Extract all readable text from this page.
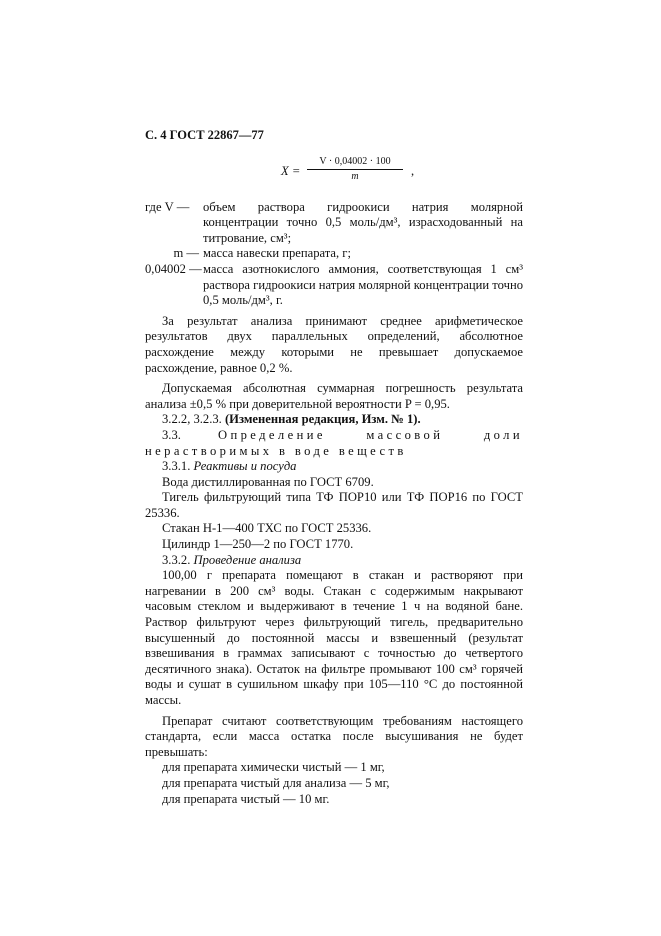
С. 4 ГОСТ 22867—77
$X = \frac{V \cdot 0,04002 \cdot 100}{m}$ ,
где V —	объем раствора гидроокиси натрия молярной концентрации точно 0,5 моль/дм³, израсходованный на титрование, см³;
m — масса навески препарата, г;
0,04002 — масса азотнокислого аммония, соответствующая 1 см³ раствора гидроокиси натрия молярной концентрации точно 0,5 моль/дм³, г.

За результат анализа принимают среднее арифметическое результатов двух параллельных определений, абсолютное расхождение между которыми не превышает допускаемое расхождение, равное 0,2 %.

Допускаемая абсолютная суммарная погрешность результата анализа ±0,5 % при доверительной вероятности P = 0,95.

3.2.2, 3.2.3. (Измененная редакция, Изм. № 1).

3.3.	Определение массовой доли нерастворимых в воде веществ

3.3.1. Реактивы и посуда

Вода дистиллированная по ГОСТ 6709.

Тигель фильтрующий типа ТФ ПОР10 или ТФ ПОР16 по ГОСТ 25336.

Стакан Н-1—400 ТХС по ГОСТ 25336.

Цилиндр 1—250—2 по ГОСТ 1770.

3.3.2. Проведение анализа

100,00 г препарата помещают в стакан и растворяют при нагревании в 200 см³ воды. Стакан с содержимым накрывают часовым стеклом и выдерживают в течение 1 ч на водяной бане. Раствор фильтруют через фильтрующий тигель, предварительно высушенный до постоянной массы и взвешенный (результат взвешивания в граммах записывают с точностью до четвертого десятичного знака). Остаток на фильтре промывают 100 см³ горячей воды и сушат в сушильном шкафу при 105—110 °С до постоянной массы.

Препарат считают соответствующим требованиям настоящего стандарта, если масса остатка после высушивания не будет превышать:

для препарата химически чистый — 1 мг,

для препарата чистый для анализа — 5 мг,

для препарата чистый — 10 мг.
